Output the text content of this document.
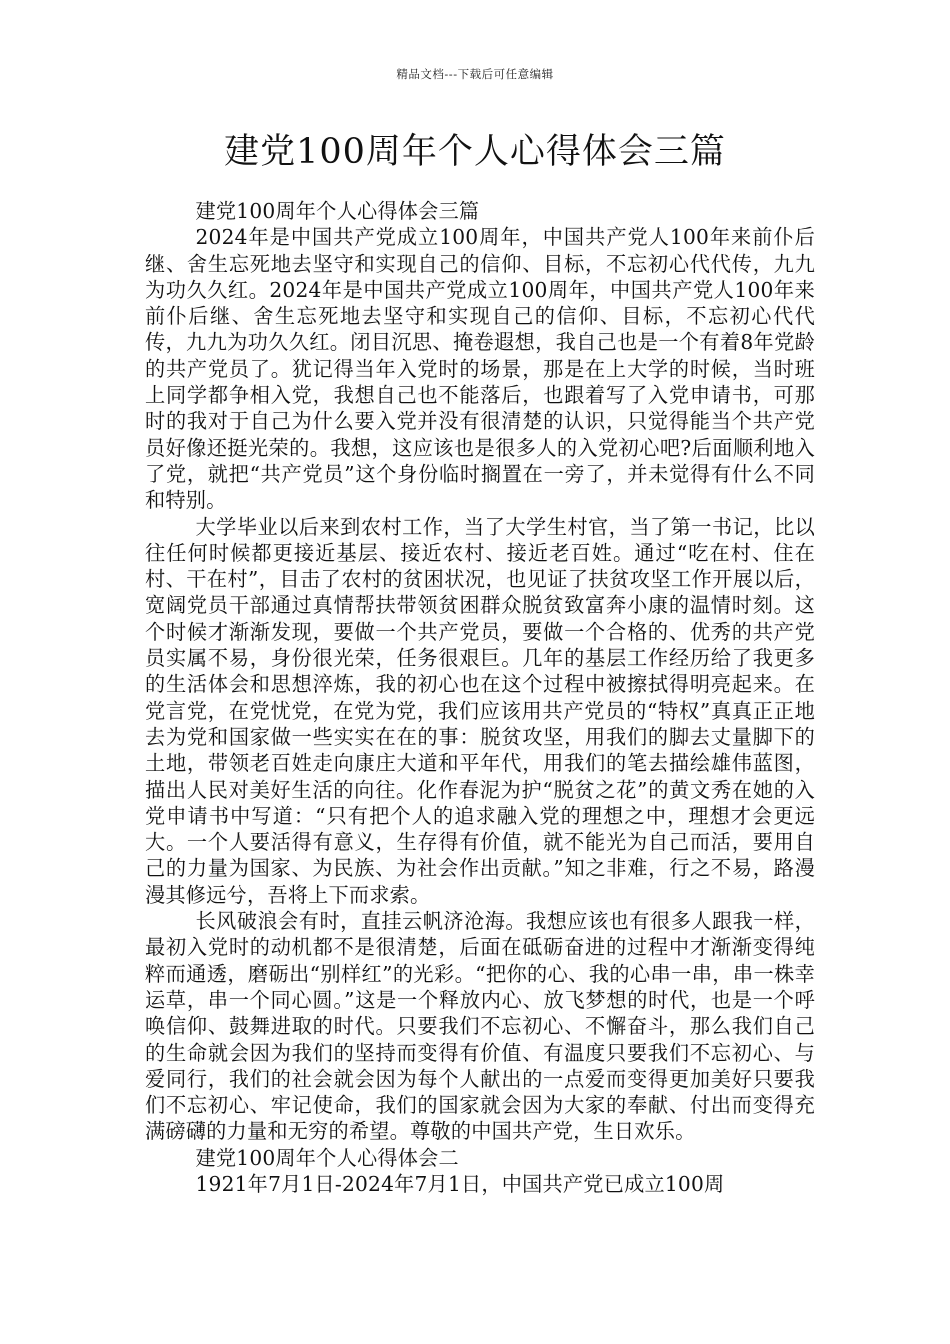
精品文档---下载后可任意编辑
建党100周年个人心得体会三篇

建党100周年个人心得体会三篇

2024年是中国共产党成立100周年，中国共产党人100年来前仆后继、舍生忘死地去坚守和实现自己的信仰、目标，不忘初心代代传，九九为功久久红。2024年是中国共产党成立100周年，中国共产党人100年来前仆后继、舍生忘死地去坚守和实现自己的信仰、目标，不忘初心代代传，九九为功久久红。闭目沉思、掩卷遐想，我自己也是一个有着8年党龄的共产党员了。犹记得当年入党时的场景，那是在上大学的时候，当时班上同学都争相入党，我想自己也不能落后，也跟着写了入党申请书，可那时的我对于自己为什么要入党并没有很清楚的认识，只觉得能当个共产党员好像还挺光荣的。我想，这应该也是很多人的入党初心吧?后面顺利地入了党，就把“共产党员”这个身份临时搁置在一旁了，并未觉得有什么不同和特别。

大学毕业以后来到农村工作，当了大学生村官，当了第一书记，比以往任何时候都更接近基层、接近农村、接近老百姓。通过“吃在村、住在村、干在村”，目击了农村的贫困状况，也见证了扶贫攻坚工作开展以后，宽阔党员干部通过真情帮扶带领贫困群众脱贫致富奔小康的温情时刻。这个时候才渐渐发现，要做一个共产党员，要做一个合格的、优秀的共产党员实属不易，身份很光荣，任务很艰巨。几年的基层工作经历给了我更多的生活体会和思想淬炼，我的初心也在这个过程中被擦拭得明亮起来。在党言党，在党忧党，在党为党，我们应该用共产党员的“特权”真真正正地去为党和国家做一些实实在在的事：脱贫攻坚，用我们的脚去丈量脚下的土地，带领老百姓走向康庄大道和平年代，用我们的笔去描绘雄伟蓝图，描出人民对美好生活的向往。化作春泥为护“脱贫之花”的黄文秀在她的入党申请书中写道：“只有把个人的追求融入党的理想之中，理想才会更远大。一个人要活得有意义，生存得有价值，就不能光为自己而活，要用自己的力量为国家、为民族、为社会作出贡献。”知之非难，行之不易，路漫漫其修远兮，吾将上下而求索。

长风破浪会有时，直挂云帆济沧海。我想应该也有很多人跟我一样，最初入党时的动机都不是很清楚，后面在砥砺奋进的过程中才渐渐变得纯粹而通透，磨砺出“别样红”的光彩。“把你的心、我的心串一串，串一株幸运草，串一个同心圆。”这是一个释放内心、放飞梦想的时代，也是一个呼唤信仰、鼓舞进取的时代。只要我们不忘初心、不懈奋斗，那么我们自己的生命就会因为我们的坚持而变得有价值、有温度只要我们不忘初心、与爱同行，我们的社会就会因为每个人献出的一点爱而变得更加美好只要我们不忘初心、牢记使命，我们的国家就会因为大家的奉献、付出而变得充满磅礴的力量和无穷的希望。尊敬的中国共产党，生日欢乐。

建党100周年个人心得体会二

1921年7月1日-2024年7月1日，中国共产党已成立100周
